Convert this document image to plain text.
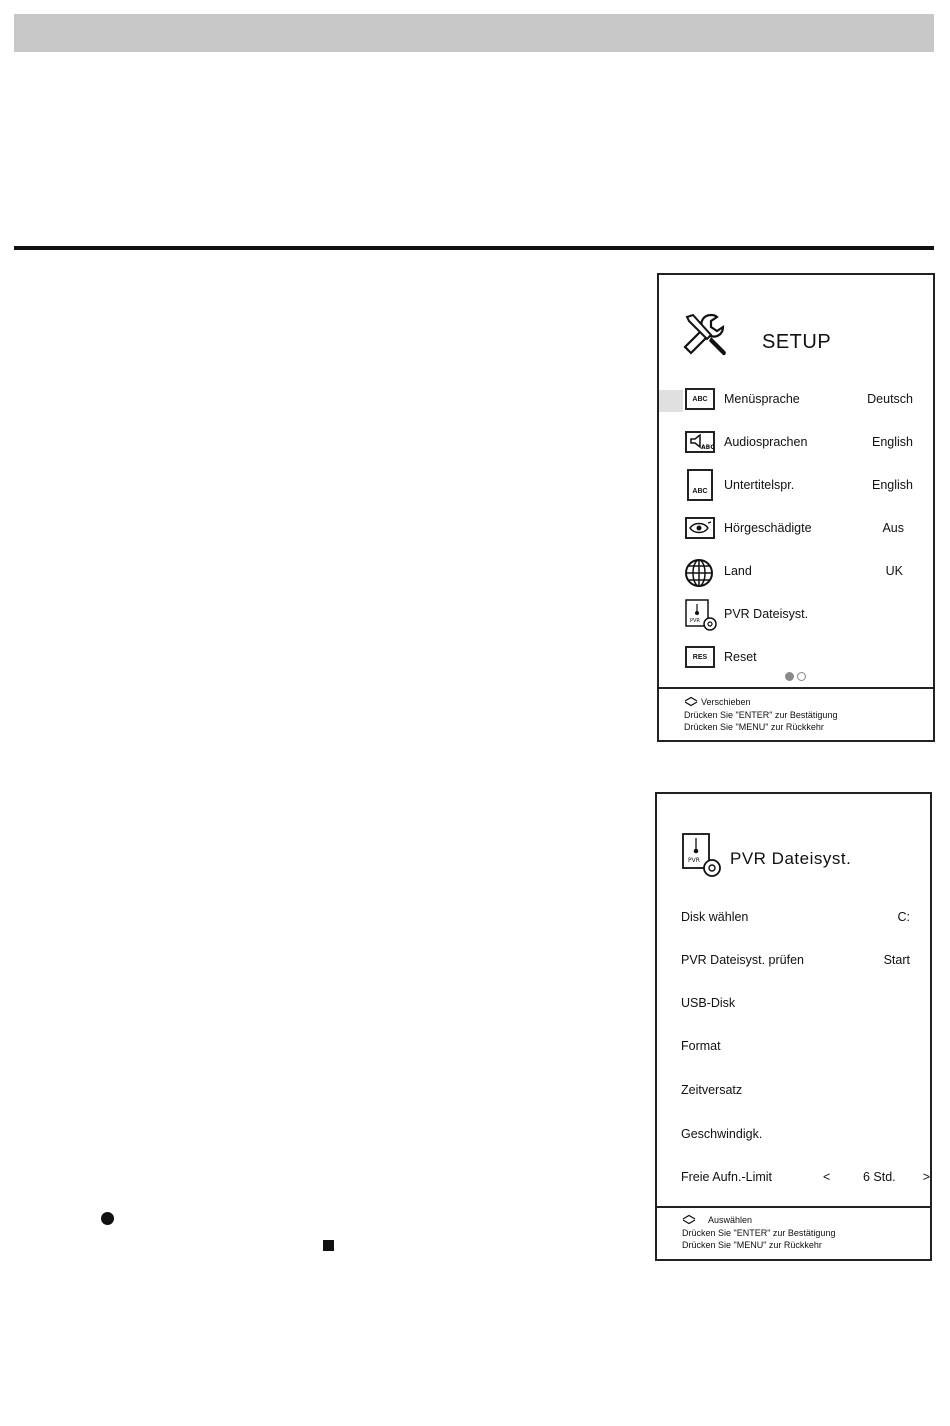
SETUP
ABC Menüsprache	Deutsch
ABC Audiosprachen	English
ABC Untertitelspr.	English
Hörgeschädigte	Aus
Land	UK
PVR PVR Dateisyst.
RES Reset
Verschieben
Drücken Sie "ENTER" zur Bestätigung
Drücken Sie "MENU" zur Rückkehr
PVR PVR Dateisyst.
Disk wählen	C:
PVR Dateisyst. prüfen	Start
USB-Disk
Format
Zeitversatz
Geschwindigk.
Freie Aufn.-Limit	<	6 Std. >
Auswählen
Drücken Sie "ENTER" zur Bestätigung
Drücken Sie "MENU" zur Rückkehr
